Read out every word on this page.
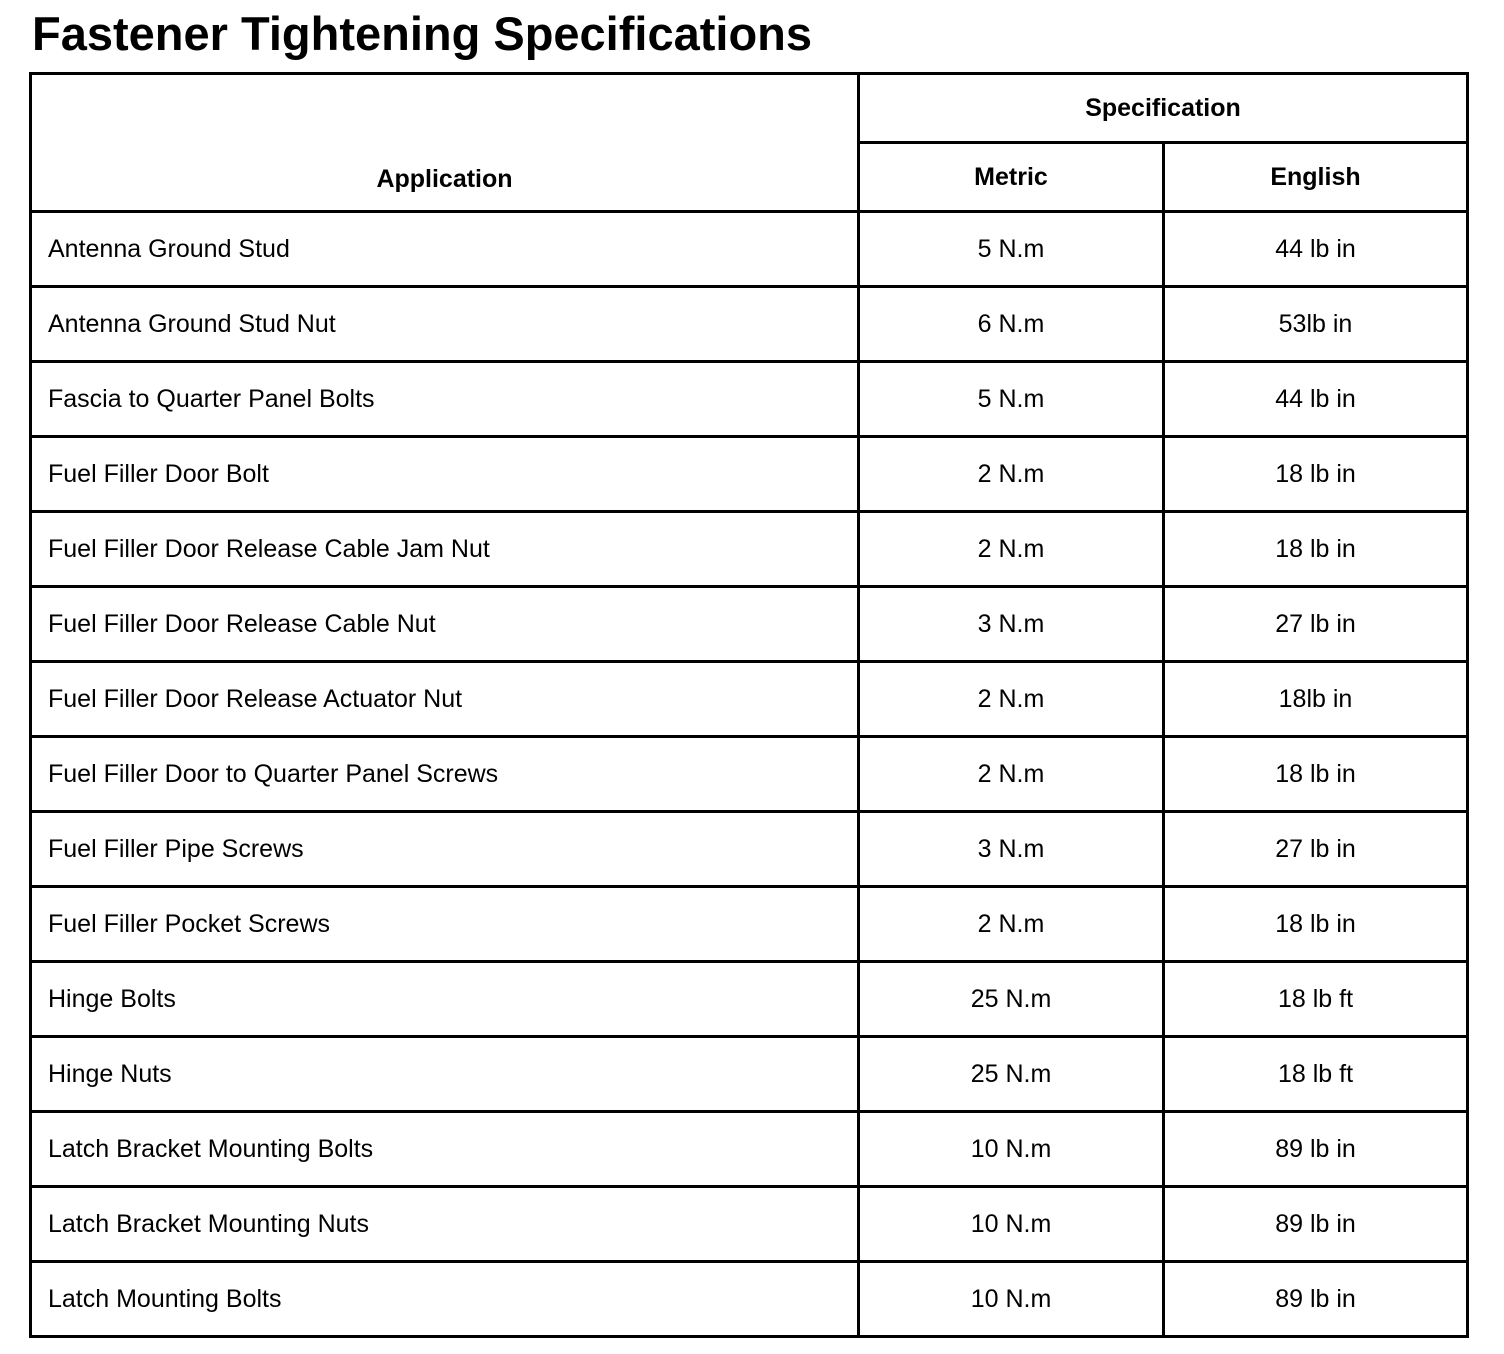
Fastener Tightening Specifications
Application	Specification	
	Metric	English
Antenna Ground Stud	5 N.m	44 lb in
Antenna Ground Stud Nut	6 N.m	53lb in
Fascia to Quarter Panel Bolts	5 N.m	44 lb in
Fuel Filler Door Bolt	2 N.m	18 lb in
Fuel Filler Door Release Cable Jam Nut	2 N.m	18 lb in
Fuel Filler Door Release Cable Nut	3 N.m	27 lb in
Fuel Filler Door Release Actuator Nut	2 N.m	18lb in
Fuel Filler Door to Quarter Panel Screws	2 N.m	18 lb in
Fuel Filler Pipe Screws	3 N.m	27 lb in
Fuel Filler Pocket Screws	2 N.m	18 lb in
Hinge Bolts	25 N.m	18 lb ft
Hinge Nuts	25 N.m	18 lb ft
Latch Bracket Mounting Bolts	10 N.m	89 lb in
Latch Bracket Mounting Nuts	10 N.m	89 lb in
Latch Mounting Bolts	10 N.m	89 lb in
